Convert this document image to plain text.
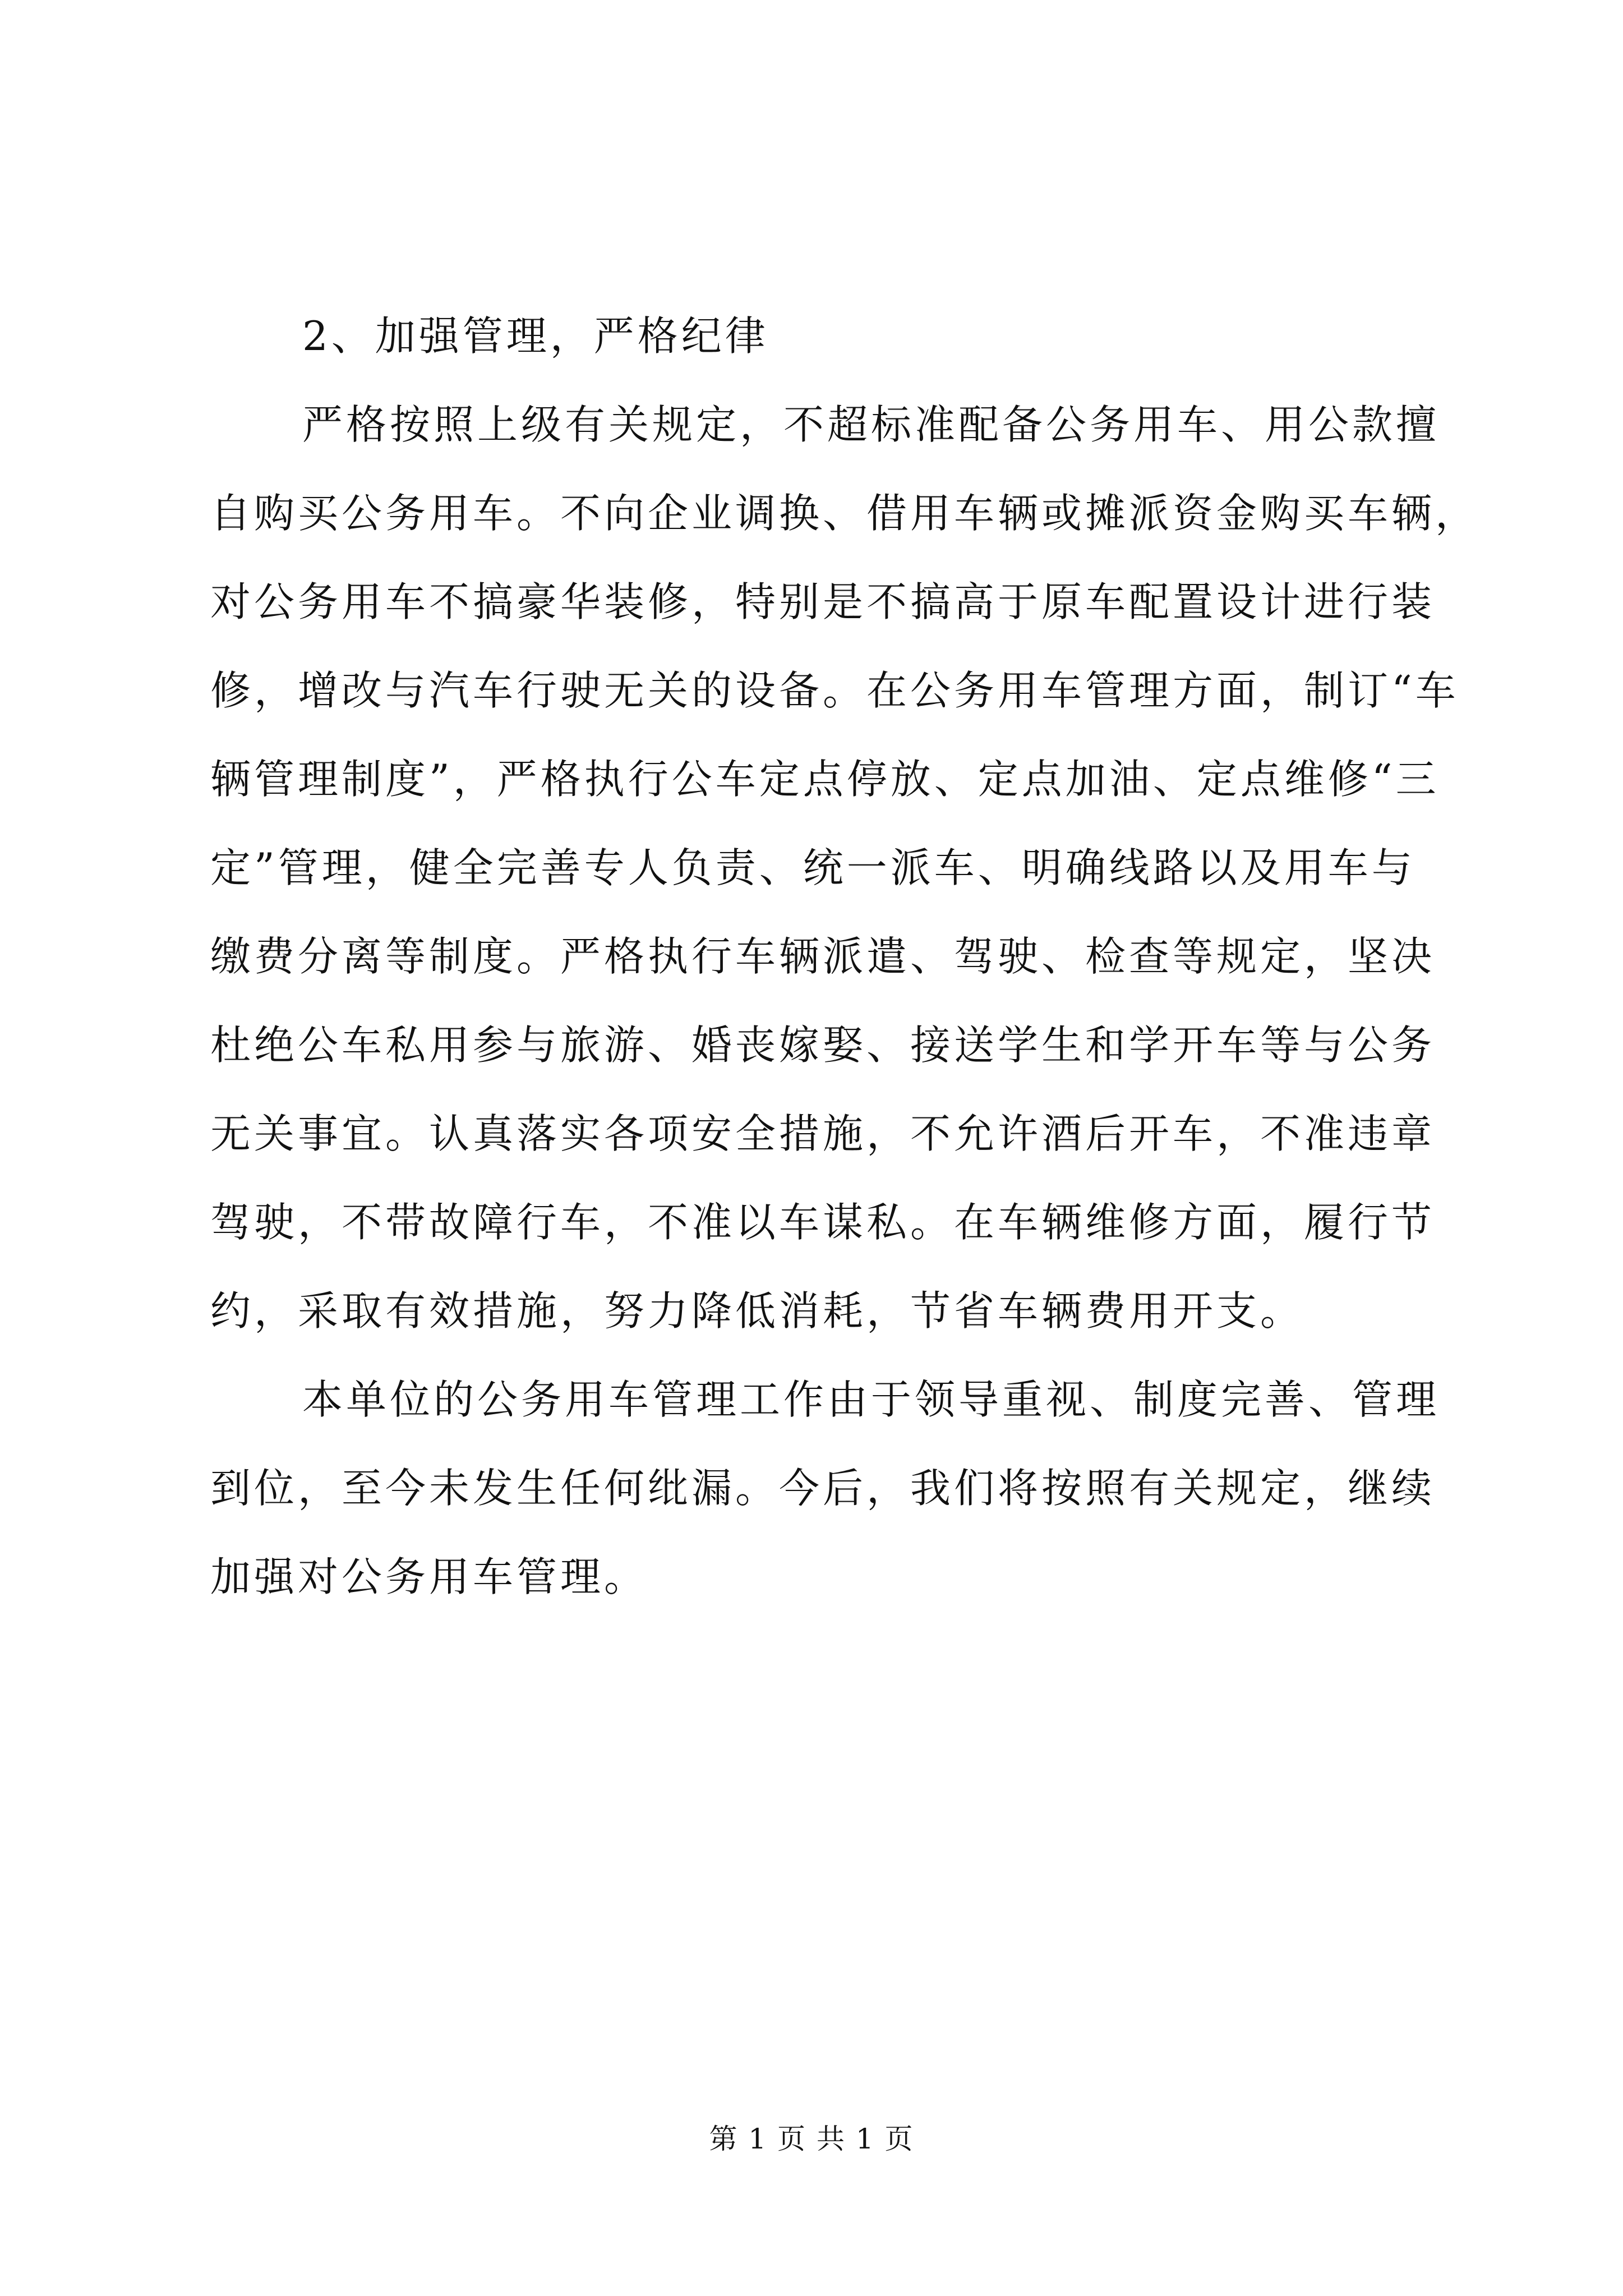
2、加强管理，严格纪律
严格按照上级有关规定，不超标准配备公务用车、用公款擅
自购买公务用车。不向企业调换、借用车辆或摊派资金购买车辆，
对公务用车不搞豪华装修，特别是不搞高于原车配置设计进行装
修，增改与汽车行驶无关的设备。在公务用车管理方面，制订“车
辆管理制度”，严格执行公车定点停放、定点加油、定点维修“三
定”管理，健全完善专人负责、统一派车、明确线路以及用车与
缴费分离等制度。严格执行车辆派遣、驾驶、检查等规定，坚决
杜绝公车私用参与旅游、婚丧嫁娶、接送学生和学开车等与公务
无关事宜。认真落实各项安全措施，不允许酒后开车，不准违章
驾驶，不带故障行车，不准以车谋私。在车辆维修方面，履行节
约，采取有效措施，努力降低消耗，节省车辆费用开支。
本单位的公务用车管理工作由于领导重视、制度完善、管理
到位，至今未发生任何纰漏。今后，我们将按照有关规定，继续
加强对公务用车管理。
第 1 页 共 1 页
